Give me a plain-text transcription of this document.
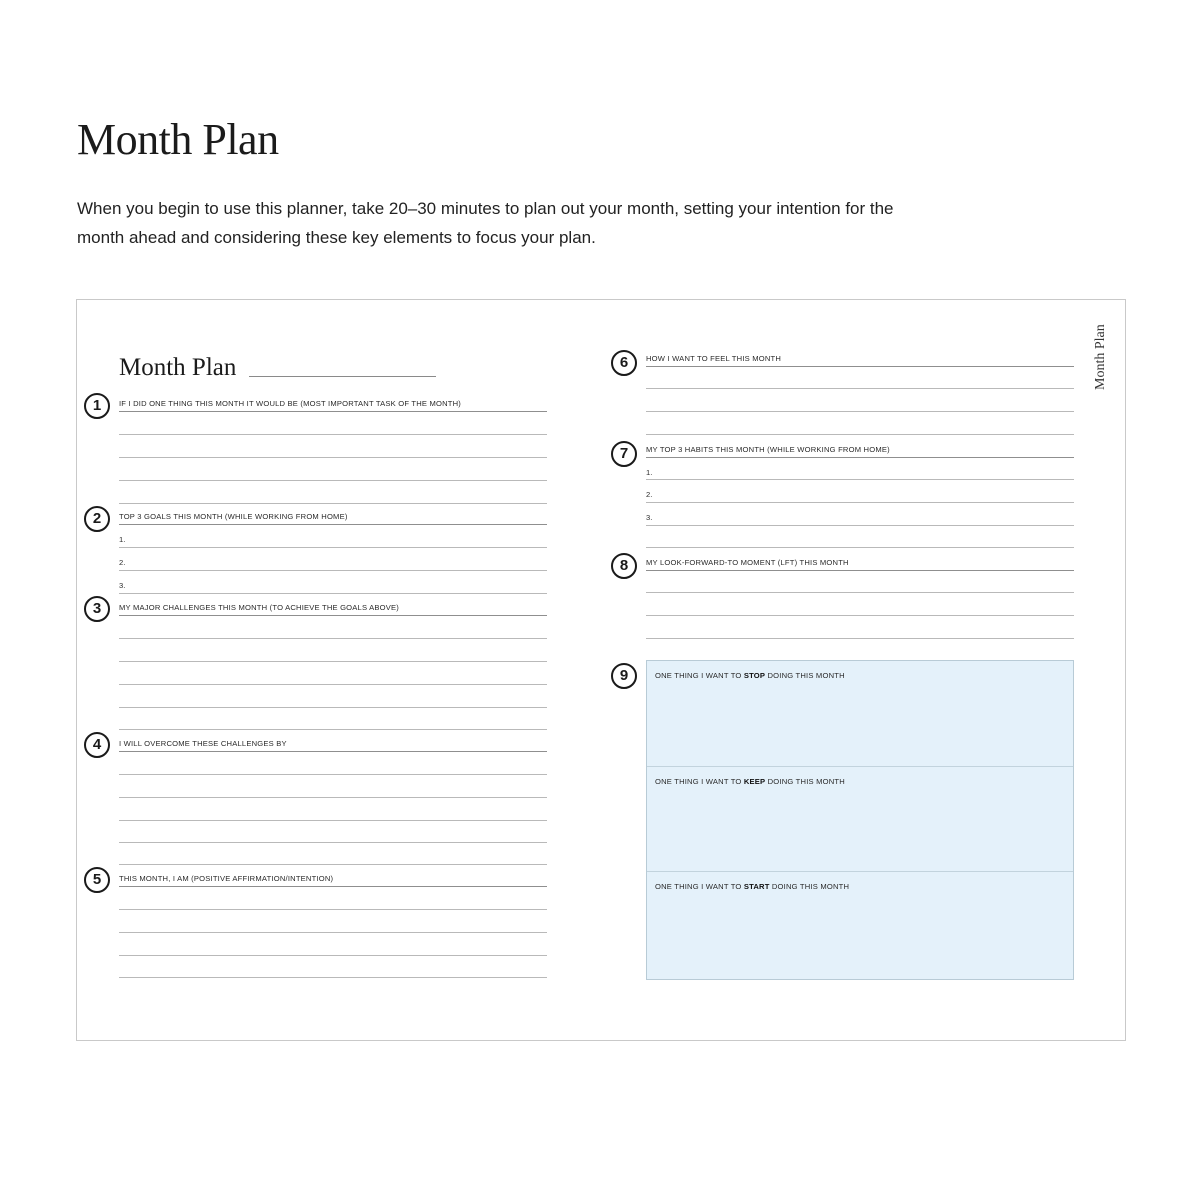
Month Plan

When you begin to use this planner, take 20–30 minutes to plan out your month, setting your intention for the month ahead and considering these key elements to focus your plan.

Month Plan	Month Plan
1	IF I DID ONE THING THIS MONTH IT WOULD BE (MOST IMPORTANT TASK OF THE MONTH)
2	TOP 3 GOALS THIS MONTH (WHILE WORKING FROM HOME)
1.
2.
3.
3	MY MAJOR CHALLENGES THIS MONTH (TO ACHIEVE THE GOALS ABOVE)
4	I WILL OVERCOME THESE CHALLENGES BY
5	THIS MONTH, I AM (POSITIVE AFFIRMATION/INTENTION)
6	HOW I WANT TO FEEL THIS MONTH
7	MY TOP 3 HABITS THIS MONTH (WHILE WORKING FROM HOME)
1.
2.
3.
8	MY LOOK-FORWARD-TO MOMENT (LFT) THIS MONTH
9	ONE THING I WANT TO STOP DOING THIS MONTH
ONE THING I WANT TO KEEP DOING THIS MONTH
ONE THING I WANT TO START DOING THIS MONTH
